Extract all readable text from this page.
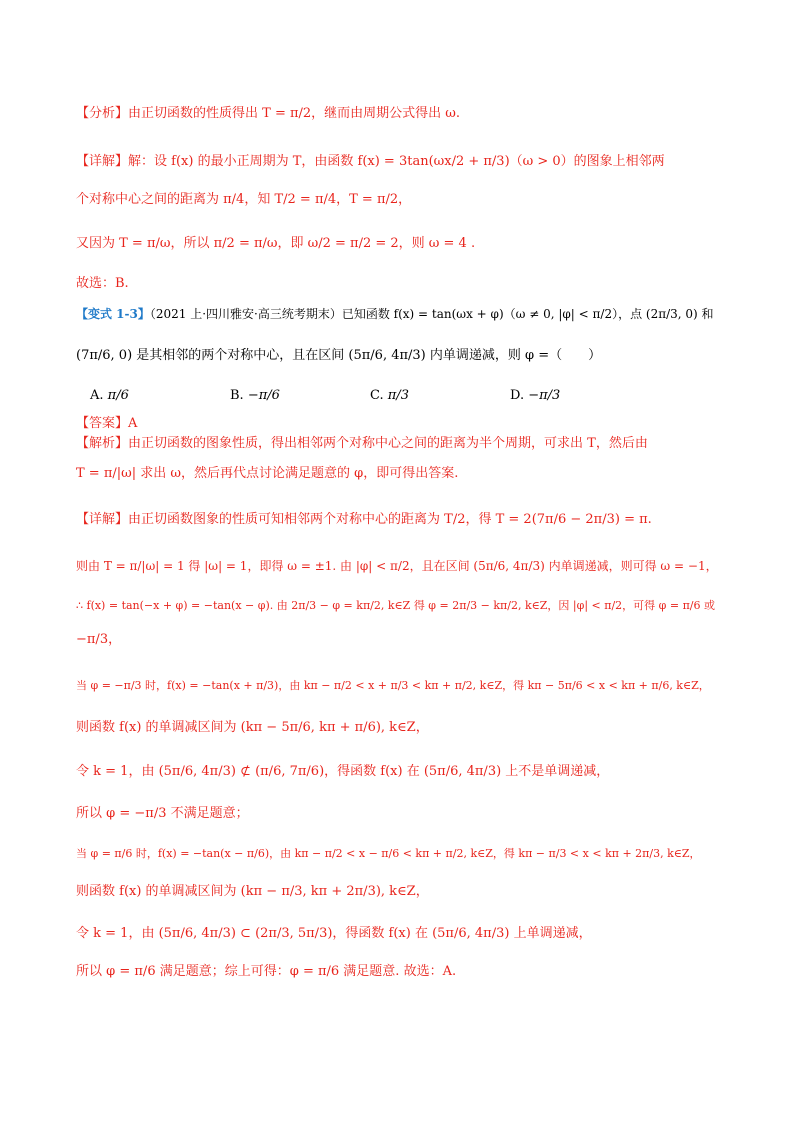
【分析】由正切函数的性质得出 T = π/2，继而由周期公式得出 ω.
【详解】解：设 f(x) 的最小正周期为 T，由函数 f(x) = 3tan(ωx/2 + π/3)（ω > 0）的图象上相邻两
个对称中心之间的距离为 π/4，知 T/2 = π/4，T = π/2，
又因为 T = π/ω，所以 π/2 = π/ω，即 ω/2 = π/2 = 2，则 ω = 4 .
故选：B.
【变式 1-3】（2021 上·四川雅安·高三统考期末）已知函数 f(x) = tan(ωx + φ)（ω ≠ 0, |φ| < π/2），点 (2π/3, 0) 和
(7π/6, 0) 是其相邻的两个对称中心，且在区间 (5π/6, 4π/3) 内单调递减，则 φ =（　　）
A. π/6	B. −π/6	C. π/3	D. −π/3
【答案】A
【解析】由正切函数的图象性质，得出相邻两个对称中心之间的距离为半个周期，可求出 T，然后由
T = π/|ω| 求出 ω，然后再代点讨论满足题意的 φ，即可得出答案.
【详解】由正切函数图象的性质可知相邻两个对称中心的距离为 T/2，得 T = 2(7π/6 − 2π/3) = π.
则由 T = π/|ω| = 1 得 |ω| = 1，即得 ω = ±1. 由 |φ| < π/2，且在区间 (5π/6, 4π/3) 内单调递减，则可得 ω = −1，
∴ f(x) = tan(−x + φ) = −tan(x − φ). 由 2π/3 − φ = kπ/2, k∈Z 得 φ = 2π/3 − kπ/2, k∈Z，因 |φ| < π/2，可得 φ = π/6 或
−π/3，
当 φ = −π/3 时，f(x) = −tan(x + π/3)，由 kπ − π/2 < x + π/3 < kπ + π/2, k∈Z，得 kπ − 5π/6 < x < kπ + π/6, k∈Z，
则函数 f(x) 的单调减区间为 (kπ − 5π/6, kπ + π/6), k∈Z，
令 k = 1，由 (5π/6, 4π/3) ⊄ (π/6, 7π/6)，得函数 f(x) 在 (5π/6, 4π/3) 上不是单调递减，
所以 φ = −π/3 不满足题意；
当 φ = π/6 时，f(x) = −tan(x − π/6)，由 kπ − π/2 < x − π/6 < kπ + π/2, k∈Z，得 kπ − π/3 < x < kπ + 2π/3, k∈Z，
则函数 f(x) 的单调减区间为 (kπ − π/3, kπ + 2π/3), k∈Z，
令 k = 1，由 (5π/6, 4π/3) ⊂ (2π/3, 5π/3)，得函数 f(x) 在 (5π/6, 4π/3) 上单调递减，
所以 φ = π/6 满足题意；综上可得：φ = π/6 满足题意. 故选：A.
